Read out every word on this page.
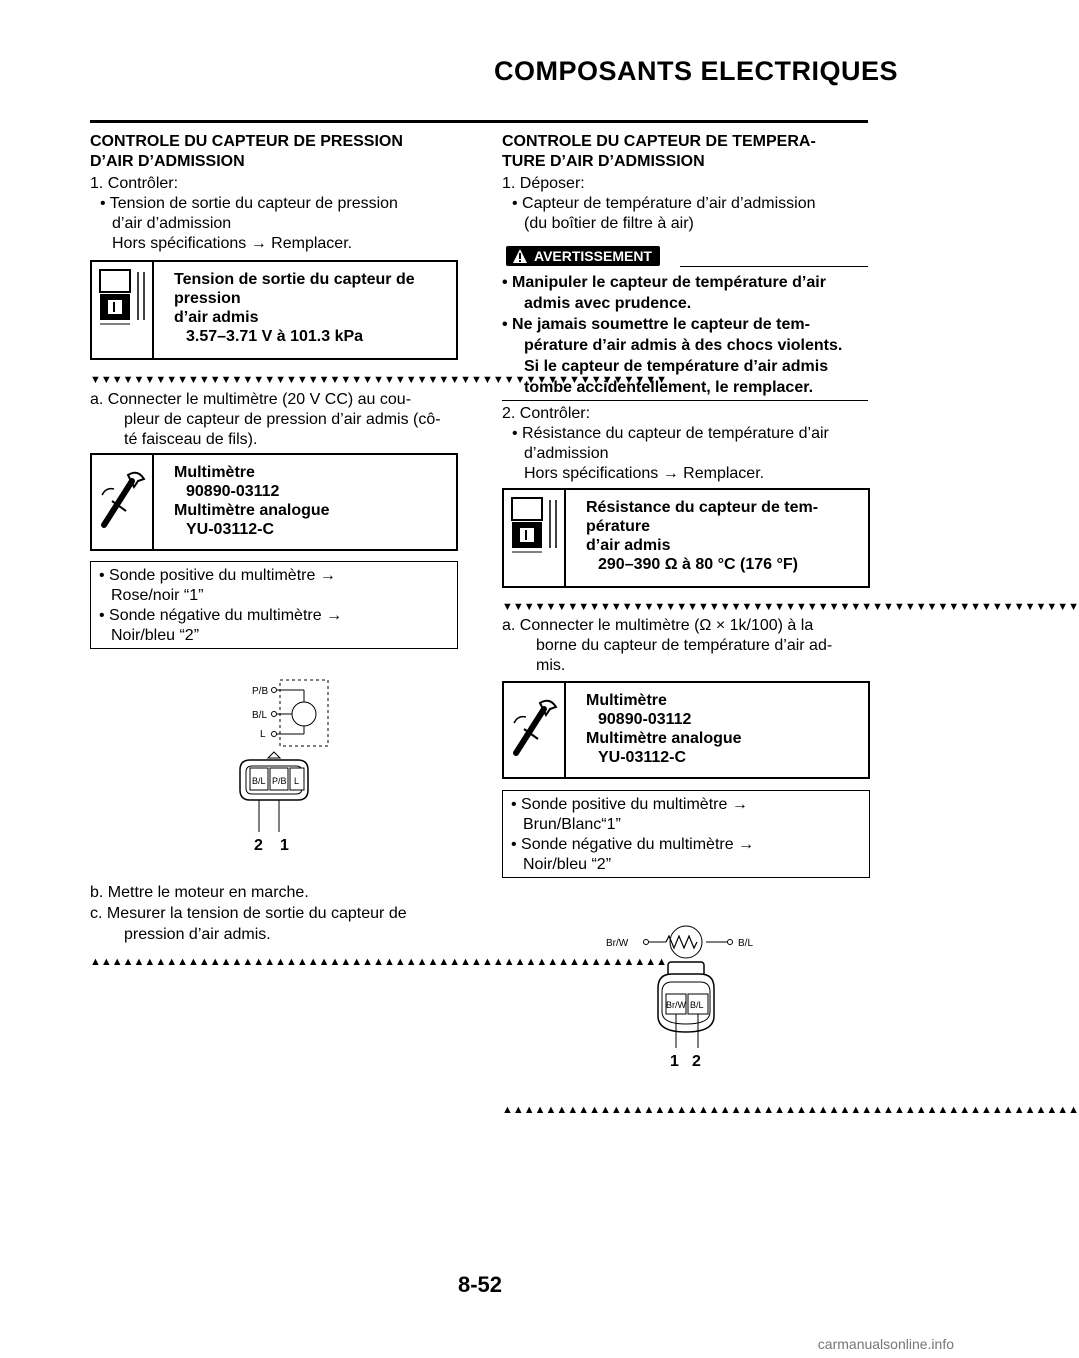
COMPOSANTS ELECTRIQUES
CONTROLE DU CAPTEUR DE PRESSION
D’AIR D’ADMISSION

1. Contrôler:

• Tension de sortie du capteur de pression

d’air d’admission

Hors spécifications → Remplacer.

Tension de sortie du capteur de
pression
d’air admis
3.57–3.71 V à 101.3 kPa
▼▼▼▼▼▼▼▼▼▼▼▼▼▼▼▼▼▼▼▼▼▼▼▼▼▼▼▼▼▼▼▼▼▼▼▼▼▼▼▼▼▼▼▼▼▼▼▼▼▼▼▼▼

a. Connecter le multimètre (20 V CC) au cou-

pleur de capteur de pression d’air admis (cô-

té faisceau de fils).

Multimètre
90890-03112
Multimètre analogue
YU-03112-C
• Sonde positive du multimètre →
Rose/noir “1”
• Sonde négative du multimètre →
Noir/bleu “2”
P/B
B/L
L
B/L P/B L
2 1

b. Mettre le moteur en marche.

c. Mesurer la tension de sortie du capteur de

pression d’air admis.

▲▲▲▲▲▲▲▲▲▲▲▲▲▲▲▲▲▲▲▲▲▲▲▲▲▲▲▲▲▲▲▲▲▲▲▲▲▲▲▲▲▲▲▲▲▲▲▲▲▲▲▲▲
CONTROLE DU CAPTEUR DE TEMPERA-
TURE D’AIR D’ADMISSION

1. Déposer:

• Capteur de température d’air d’admission

(du boîtier de filtre à air)

AVERTISSEMENT

• Manipuler le capteur de température d’air

admis avec prudence.

• Ne jamais soumettre le capteur de tem-

pérature d’air admis à des chocs violents.

Si le capteur de température d’air admis

tombe accidentellement, le remplacer.

2. Contrôler:

• Résistance du capteur de température d’air

d’admission

Hors spécifications → Remplacer.

Résistance du capteur de tem-
pérature
d’air admis
290–390 Ω à 80 °C (176 °F)
▼▼▼▼▼▼▼▼▼▼▼▼▼▼▼▼▼▼▼▼▼▼▼▼▼▼▼▼▼▼▼▼▼▼▼▼▼▼▼▼▼▼▼▼▼▼▼▼▼▼▼▼▼

a. Connecter le multimètre (Ω × 1k/100) à la

borne du capteur de température d’air ad-

mis.

Multimètre
90890-03112
Multimètre analogue
YU-03112-C
• Sonde positive du multimètre →
Brun/Blanc“1”
• Sonde négative du multimètre →
Noir/bleu “2”
Br/W	B/L
Br/W B/L
1 2
▲▲▲▲▲▲▲▲▲▲▲▲▲▲▲▲▲▲▲▲▲▲▲▲▲▲▲▲▲▲▲▲▲▲▲▲▲▲▲▲▲▲▲▲▲▲▲▲▲▲▲▲▲
8-52
carmanualsonline.info
